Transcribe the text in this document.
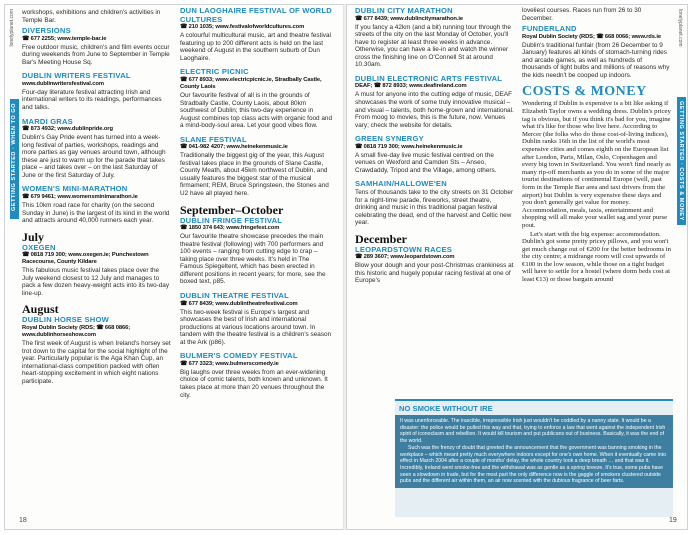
lonelyplanet.com
GETTING STARTED · WHEN TO GO

workshops, exhibitions and children's activities in Temple Bar.

DIVERSIONS

☎ 677 2255; www.temple-bar.ie

Free outdoor music, children's and film events occur during weekends from June to September in Temple Bar's Meeting House Sq.

DUBLIN WRITERS FESTIVAL

www.dublinwritersfestival.com

Four-day literature festival attracting Irish and international writers to its readings, performances and talks.

MARDI GRAS

☎ 873 4932; www.dublinpride.org

Dublin's Gay Pride event has turned into a week-long festival of parties, workshops, readings and more parties as gay venues around town, although these are just to warm up for the parade that takes place – and takes over – on the last Saturday of June or the first Saturday of July.

WOMEN'S MINI-MARATHON

☎ 679 9461; www.womensminimarathon.ie

This 10km road race for charity (on the second Sunday in June) is the largest of its kind in the world and attracts around 40,000 runners each year.

July
OXEGEN

☎ 0818 719 300; www.oxegen.ie; Punchestown Racecourse, County Kildare

This fabulous music festival takes place over the July weekend closest to 12 July and manages to pack a few dozen heavy-weight acts into its two-day line-up.

August
DUBLIN HORSE SHOW

Royal Dublin Society (RDS; ☎ 668 0866; www.dublinhorseshow.com

The first week of August is when Ireland's horsey set trot down to the capital for the social highlight of the year. Particularly popular is the Aga Khan Cup, an international-class competition packed with often heart-stopping excitement in which eight nations participate.

DUN LAOGHAIRE FESTIVAL OF WORLD CULTURES

☎ 210 1035; www.festivalofworldcultures.com

A colourful multicultural music, art and theatre festival featuring up to 200 different acts is held on the last weekend of August in the southern suburb of Dun Laoghaire.

ELECTRIC PICNIC

☎ 677 8933; www.electricpicnic.ie, Stradbally Castle, County Laois

Our favourite festival of all is in the grounds of Stradbally Castle, County Laois, about 80km southwest of Dublin; this two-day experience in August combines top class acts with organic food and a mind-body-soul area. Let your good vibes flow.

SLANE FESTIVAL

☎ 041-982 4207; www.heinekenmusic.ie

Traditionally the biggest gig of the year, this August festival takes place in the grounds of Slane Castle, County Meath, about 45km northwest of Dublin, and usually features the biggest star of the musical firmament; REM, Bruce Springsteen, the Stones and U2 have all played here.

September–October
DUBLIN FRINGE FESTIVAL

☎ 1850 374 643; www.fringefest.com

Our favourite theatre showcase precedes the main theatre festival (following) with 700 performers and 100 events – ranging from cutting edge to crap – taking place over three weeks. It's held in The Famous Spiegeltent, which has been erected in different positions in recent years; for more, see the boxed text, p85.

DUBLIN THEATRE FESTIVAL

☎ 677 8439; www.dublintheatrefestival.com

This two-week festival is Europe's largest and showcases the best of Irish and international productions at various locations around town. In tandem with the theatre festival is a children's season at the Ark (p86).

BULMER'S COMEDY FESTIVAL

☎ 677 3323; www.bulmerscomedy.ie

Big laughs over three weeks from an ever-widening choice of comic talents, both known and unknown. It takes place at more than 20 venues throughout the city.

18
lonelyplanet.com
GETTING STARTED · COSTS & MONEY
DUBLIN CITY MARATHON

☎ 677 8439; www.dublincitymarathon.ie

If you fancy a 42km (and a bit) running tour through the streets of the city on the last Monday of October, you'll have to register at least three weeks in advance. Otherwise, you can have a lie-in and watch the winner cross the finishing line on O'Connell St at around 10.30am.

DUBLIN ELECTRONIC ARTS FESTIVAL

DEAF; ☎ 872 8933; www.deafireland.com

A must for anyone into the cutting edge of music, DEAF showcases the work of some truly innovative musical – and visual – talents, both home-grown and international. From moog to movies, this is the future, now. Venues vary; check the website for details.

GREEN SYNERGY

☎ 0818 719 300; www.heinekenmusic.ie

A small five-day live music festival centred on the venues on Wexford and Camden Sts – Anseo, Crawdaddy, Tripod and the Village, among others.

SAMHAIN/HALLOWE'EN

Tens of thousands take to the city streets on 31 October for a night-time parade, fireworks, street theatre, drinking and music in this traditional pagan festival celebrating the dead, end of the harvest and Celtic new year.

December
LEOPARDSTOWN RACES

☎ 289 3607; www.leopardstown.com

Blow your dough and your post-Christmas crankiness at this historic and hugely popular racing festival at one of Europe's

loveliest courses. Races run from 26 to 30 December.

FUNDERLAND

Royal Dublin Society (RDS; ☎ 668 0066; www.rds.ie

Dublin's traditional funfair (from 26 December to 9 January) features all kinds of stomach-turning rides and arcade games, as well as hundreds of thousands of light bulbs and millions of reasons why the kids needn't be cooped up indoors.

COSTS & MONEY

Wondering if Dublin is expensive is a bit like asking if Elizabeth Taylor owns a wedding dress. Dublin's pricey tag is obvious, but if you think it's bad for you, imagine what it's like for those who live here. According to Mercer (the folks who do those cost-of-living indices), Dublin ranks 16th in the list of the world's most expensive cities and comes eighth on the European list after London, Paris, Milan, Oslo, Copenhagen and every big town in Switzerland. You won't find nearly as many rip-off merchants as you do in some of the major tourist destinations of continental Europe (well, past form in the Temple Bar area and taxi drivers from the airport) but Dublin is very expensive these days and you don't generally get value for money. Accommodation, meals, taxis, entertainment and shopping will all make your wallet sag and your purse pout.

Let's start with the big expense: accommodation. Dublin's got some pretty pricey pillows, and you won't get much change out of €200 for the better bedrooms in the city centre; a midrange room will cost upwards of €100 in the low season, while those on a tight budget will have to settle for a hostel (where dorm beds cost at least €13) or those bargain around

NO SMOKE WITHOUT IRE

It was unenforceable. The irascible, irrepressible Irish just wouldn't be coddled by a nanny state. It would be a disaster: the police would be pulled this way and that, trying to enforce a law that went against the independent Irish spirit of iconoclasm and rebellion. It would kill tourism and put publicans out of business. Basically, it was the end of the world.

Such was the frenzy of doubt that greeted the announcement that the government was banning smoking in the workplace – which meant pretty much everywhere indoors except for one's own home. When it eventually came into effect in March 2004 after a couple of months' delay, the whole country took a deep breath … and that was it. Incredibly, Ireland went smoke-free and the withdrawal was as gentle as a spring breeze. It's true, some pubs have seen a slowdown in trade, but for the most part the only difference now is the gaggle of smokers clustered outside pubs and the different air within them, an air now scented with the dubious fragrance of beer farts.

19
